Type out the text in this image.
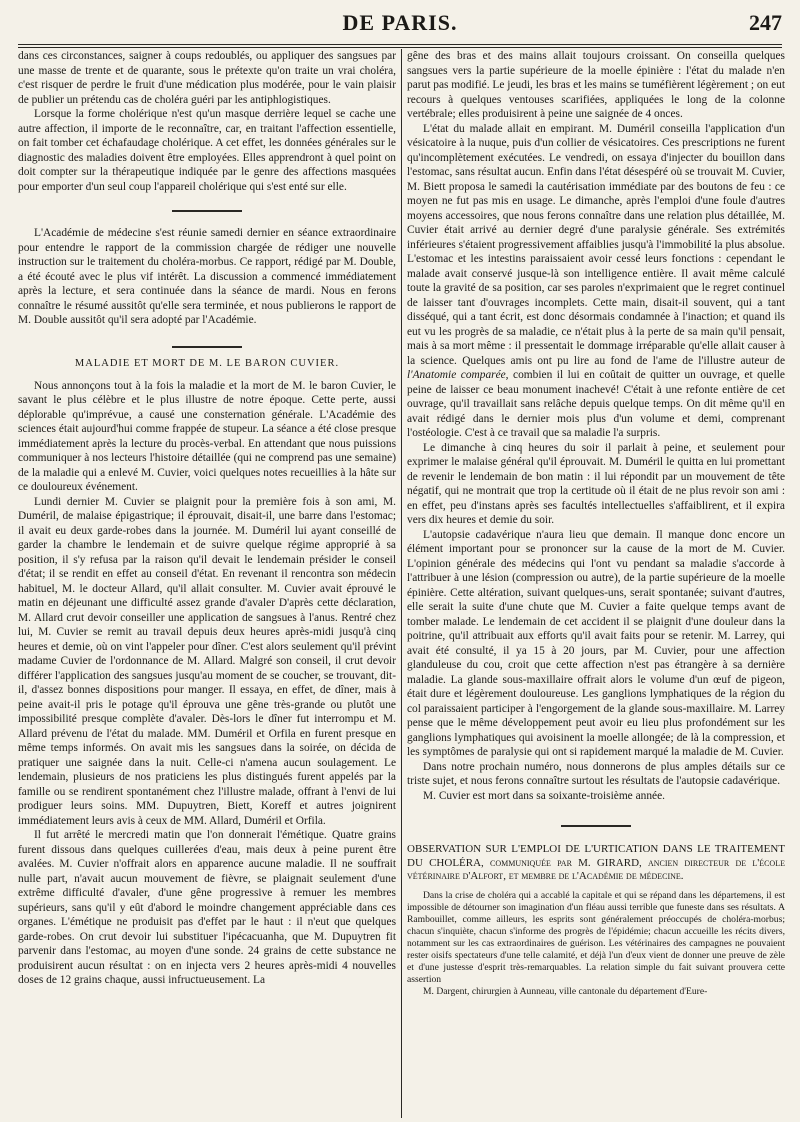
DE PARIS.	247

dans ces circonstances, saigner à coups redoublés, ou appliquer des sangsues par une masse de trente et de quarante, sous le prétexte qu'on traite un vrai choléra, c'est risquer de perdre le fruit d'une médication plus modérée, pour le vain plaisir de publier un prétendu cas de choléra guéri par les antiphlogistiques.

Lorsque la forme cholérique n'est qu'un masque derrière lequel se cache une autre affection, il importe de le reconnaître, car, en traitant l'affection essentielle, on fait tomber cet échafaudage cholérique. A cet effet, les données générales sur le diagnostic des maladies doivent être employées. Elles apprendront à quel point on doit compter sur la thérapeutique indiquée par le genre des affections masquées pour emporter d'un seul coup l'appareil cholérique qui s'est enté sur elle.

L'Académie de médecine s'est réunie samedi dernier en séance extraordinaire pour entendre le rapport de la commission chargée de rédiger une nouvelle instruction sur le traitement du choléra-morbus. Ce rapport, rédigé par M. Double, a été écouté avec le plus vif intérêt. La discussion a commencé immédiatement après la lecture, et sera continuée dans la séance de mardi. Nous en ferons connaître le résumé aussitôt qu'elle sera terminée, et nous publierons le rapport de M. Double aussitôt qu'il sera adopté par l'Académie.

MALADIE ET MORT DE M. LE BARON CUVIER.

Nous annonçons tout à la fois la maladie et la mort de M. le baron Cuvier, le savant le plus célèbre et le plus illustre de notre époque. Cette perte, aussi déplorable qu'imprévue, a causé une consternation générale. L'Académie des sciences était aujourd'hui comme frappée de stupeur. La séance a été close presque immédiatement après la lecture du procès-verbal. En attendant que nous puissions communiquer à nos lecteurs l'histoire détaillée (qui ne comprend pas une semaine) de la maladie qui a enlevé M. Cuvier, voici quelques notes recueillies à la hâte sur ce douloureux événement.

Lundi dernier M. Cuvier se plaignit pour la première fois à son ami, M. Duméril, de malaise épigastrique; il éprouvait, disait-il, une barre dans l'estomac; il avait eu deux garde-robes dans la journée. M. Duméril lui ayant conseillé de garder la chambre le lendemain et de suivre quelque régime approprié à sa position, il s'y refusa par la raison qu'il devait le lendemain présider le conseil d'état; il se rendit en effet au conseil d'état. En revenant il rencontra son médecin habituel, M. le docteur Allard, qu'il allait consulter. M. Cuvier avait éprouvé le matin en déjeunant une difficulté assez grande d'avaler D'après cette déclaration, M. Allard crut devoir conseiller une application de sangsues à l'anus. Rentré chez lui, M. Cuvier se remit au travail depuis deux heures après-midi jusqu'à cinq heures et demie, où on vint l'appeler pour dîner. C'est alors seulement qu'il prévint madame Cuvier de l'ordonnance de M. Allard. Malgré son conseil, il crut devoir différer l'application des sangsues jusqu'au moment de se coucher, se trouvant, dit-il, d'assez bonnes dispositions pour manger. Il essaya, en effet, de dîner, mais à peine avait-il pris le potage qu'il éprouva une gêne très-grande ou plutôt une impossibilité presque complète d'avaler. Dès-lors le dîner fut interrompu et M. Allard prévenu de l'état du malade. MM. Duméril et Orfila en furent presque en même temps informés. On avait mis les sangsues dans la soirée, on décida de pratiquer une saignée dans la nuit. Celle-ci n'amena aucun soulagement. Le lendemain, plusieurs de nos praticiens les plus distingués furent appelés par la famille ou se rendirent spontanément chez l'illustre malade, offrant à l'envi de lui prodiguer leurs soins. MM. Dupuytren, Biett, Koreff et autres joignirent immédiatement leurs avis à ceux de MM. Allard, Duméril et Orfila.

Il fut arrêté le mercredi matin que l'on donnerait l'émétique. Quatre grains furent dissous dans quelques cuillerées d'eau, mais deux à peine purent être avalées. M. Cuvier n'offrait alors en apparence aucune maladie. Il ne souffrait nulle part, n'avait aucun mouvement de fièvre, se plaignait seulement d'une extrême difficulté d'avaler, d'une gêne progressive à remuer les membres supérieurs, sans qu'il y eût d'abord le moindre changement appréciable dans ces organes. L'émétique ne produisit pas d'effet par le haut : il n'eut que quelques garde-robes. On crut devoir lui substituer l'ipécacuanha, que M. Dupuytren fit parvenir dans l'estomac, au moyen d'une sonde. 24 grains de cette substance ne produisirent aucun résultat : on en injecta vers 2 heures après-midi 4 nouvelles doses de 12 grains chaque, aussi infructueusement. La

gêne des bras et des mains allait toujours croissant. On conseilla quelques sangsues vers la partie supérieure de la moelle épinière : l'état du malade n'en parut pas modifié. Le jeudi, les bras et les mains se tuméfièrent légèrement ; on eut recours à quelques ventouses scarifiées, appliquées le long de la colonne vertébrale; elles produisirent à peine une saignée de 4 onces.

L'état du malade allait en empirant. M. Duméril conseilla l'application d'un vésicatoire à la nuque, puis d'un collier de vésicatoires. Ces prescriptions ne furent qu'incomplètement exécutées. Le vendredi, on essaya d'injecter du bouillon dans l'estomac, sans résultat aucun. Enfin dans l'état désespéré où se trouvait M. Cuvier, M. Biett proposa le samedi la cautérisation immédiate par des boutons de feu : ce moyen ne fut pas mis en usage. Le dimanche, après l'emploi d'une foule d'autres moyens accessoires, que nous ferons connaître dans une relation plus détaillée, M. Cuvier était arrivé au dernier degré d'une paralysie générale. Ses extrémités inférieures s'étaient progressivement affaiblies jusqu'à l'immobilité la plus absolue. L'estomac et les intestins paraissaient avoir cessé leurs fonctions : cependant le malade avait conservé jusque-là son intelligence entière. Il avait même calculé toute la gravité de sa position, car ses paroles n'exprimaient que le regret continuel de laisser tant d'ouvrages incomplets. Cette main, disait-il souvent, qui a tant disséqué, qui a tant écrit, est donc désormais condamnée à l'inaction; et quand ils eut vu les progrès de sa maladie, ce n'était plus à la perte de sa main qu'il pensait, mais à sa mort même : il pressentait le dommage irréparable qu'elle allait causer à la science. Quelques amis ont pu lire au fond de l'ame de l'illustre auteur de l'Anatomie comparée, combien il lui en coûtait de quitter un ouvrage, et quelle peine de laisser ce beau monument inachevé! C'était à une refonte entière de cet ouvrage, qu'il travaillait sans relâche depuis quelque temps. On dit même qu'il en avait rédigé dans le dernier mois plus d'un volume et demi, comprenant l'ostéologie. C'est à ce travail que sa maladie l'a surpris.

Le dimanche à cinq heures du soir il parlait à peine, et seulement pour exprimer le malaise général qu'il éprouvait. M. Duméril le quitta en lui promettant de revenir le lendemain de bon matin : il lui répondit par un mouvement de tête négatif, qui ne montrait que trop la certitude où il était de ne plus revoir son ami : en effet, peu d'instans après ses facultés intellectuelles s'affaiblirent, et il expira vers dix heures et demie du soir.

L'autopsie cadavérique n'aura lieu que demain. Il manque donc encore un élément important pour se prononcer sur la cause de la mort de M. Cuvier. L'opinion générale des médecins qui l'ont vu pendant sa maladie s'accorde à l'attribuer à une lésion (compression ou autre), de la partie supérieure de la moelle épinière. Cette altération, suivant quelques-uns, serait spontanée; suivant d'autres, elle serait la suite d'une chute que M. Cuvier a faite quelque temps avant de tomber malade. Le lendemain de cet accident il se plaignit d'une douleur dans la poitrine, qu'il attribuait aux efforts qu'il avait faits pour se retenir. M. Larrey, qui avait été consulté, il ya 15 à 20 jours, par M. Cuvier, pour une affection glanduleuse du cou, croit que cette affection n'est pas étrangère à sa dernière maladie. La glande sous-maxillaire offrait alors le volume d'un œuf de pigeon, était dure et légèrement douloureuse. Les ganglions lymphatiques de la région du col paraissaient participer à l'engorgement de la glande sous-maxillaire. M. Larrey pense que le même développement peut avoir eu lieu plus profondément sur les ganglions lymphatiques qui avoisinent la moelle allongée; de là la compression, et les symptômes de paralysie qui ont si rapidement marqué la maladie de M. Cuvier.

Dans notre prochain numéro, nous donnerons de plus amples détails sur ce triste sujet, et nous ferons connaître surtout les résultats de l'autopsie cadavérique.

M. Cuvier est mort dans sa soixante-troisième année.

OBSERVATION SUR L'EMPLOI DE L'URTICATION DANS LE TRAITEMENT DU CHOLÉRA, communiquée par M. GIRARD, ancien directeur de l'école vétérinaire d'Alfort, et membre de l'Académie de médecine.

Dans la crise de choléra qui a accablé la capitale et qui se répand dans les départemens, il est impossible de détourner son imagination d'un fléau aussi terrible que funeste dans ses résultats. A Rambouillet, comme ailleurs, les esprits sont généralement préoccupés de choléra-morbus; chacun s'inquiète, chacun s'informe des progrès de l'épidémie; chacun accueille les récits divers, notamment sur les cas extraordinaires de guérison. Les vétérinaires des campagnes ne pouvaient rester oisifs spectateurs d'une telle calamité, et déjà l'un d'eux vient de donner une preuve de zèle et d'une justesse d'esprit très-remarquables. La relation simple du fait suivant prouvera cette assertion

M. Dargent, chirurgien à Aunneau, ville cantonale du département d'Eure-
